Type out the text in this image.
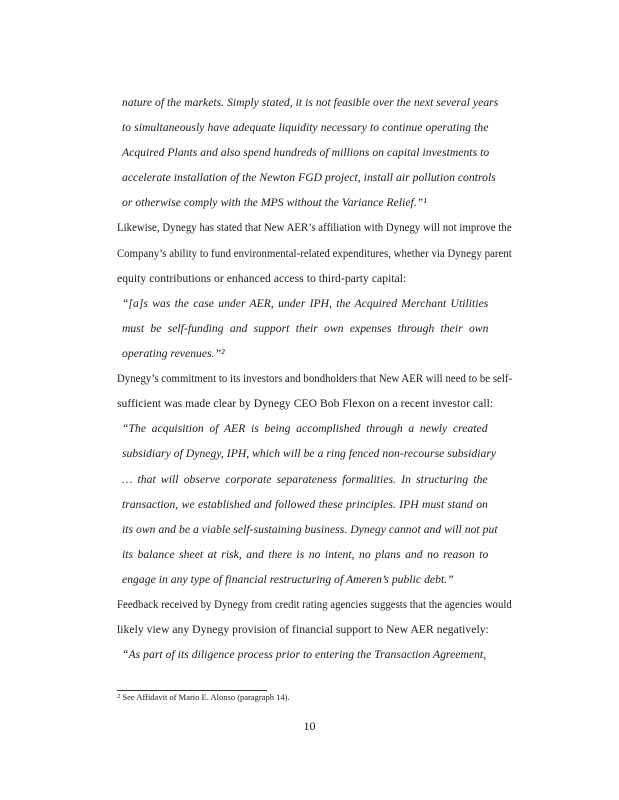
nature of the markets. Simply stated, it is not feasible over the next several years
to simultaneously have adequate liquidity necessary to continue operating the
Acquired Plants and also spend hundreds of millions on capital investments to
accelerate installation of the Newton FGD project, install air pollution controls
or otherwise comply with the MPS without the Variance Relief.”¹
Likewise, Dynegy has stated that New AER’s affiliation with Dynegy will not improve the
Company’s ability to fund environmental-related expenditures, whether via Dynegy parent
equity contributions or enhanced access to third-party capital:
“[a]s was the case under AER, under IPH, the Acquired Merchant Utilities
must be self-funding and support their own expenses through their own
operating revenues.”²
Dynegy’s commitment to its investors and bondholders that New AER will need to be self-
sufficient was made clear by Dynegy CEO Bob Flexon on a recent investor call:
“The acquisition of AER is being accomplished through a newly created
subsidiary of Dynegy, IPH, which will be a ring fenced non-recourse subsidiary
… that will observe corporate separateness formalities. In structuring the
transaction, we established and followed these principles. IPH must stand on
its own and be a viable self-sustaining business. Dynegy cannot and will not put
its balance sheet at risk, and there is no intent, no plans and no reason to
engage in any type of financial restructuring of Ameren’s public debt.”
Feedback received by Dynegy from credit rating agencies suggests that the agencies would
likely view any Dynegy provision of financial support to New AER negatively:
“As part of its diligence process prior to entering the Transaction Agreement,
$^2$ See Affidavit of Mario E. Alonso (paragraph 14).
10
